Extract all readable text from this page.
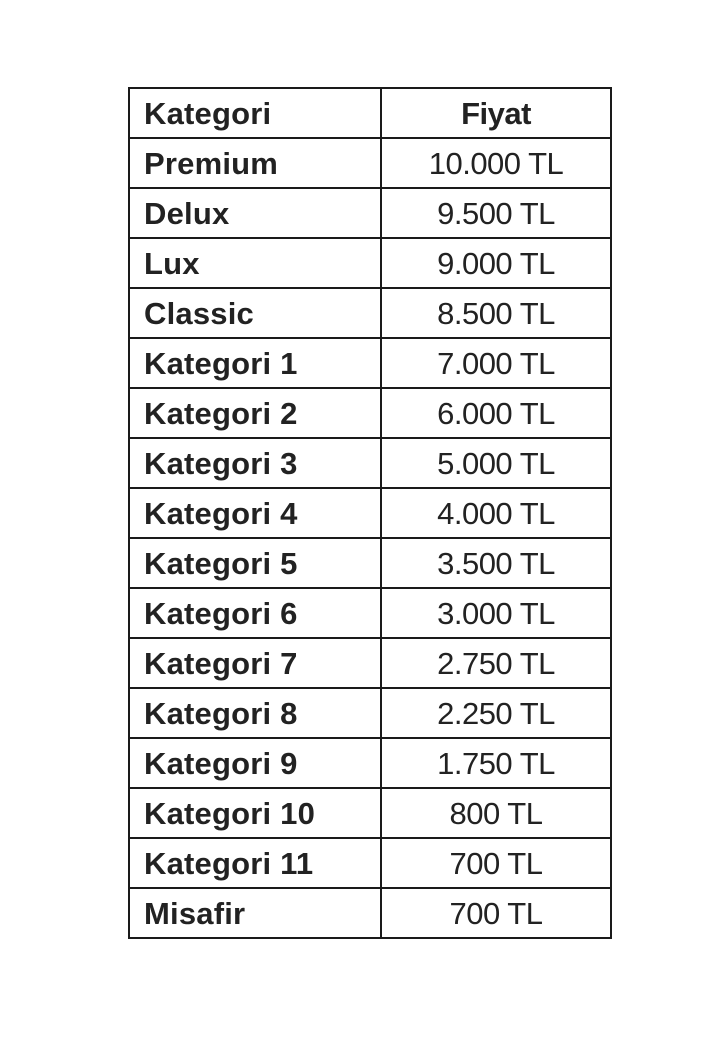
Kategori	Fiyat
Premium	10.000 TL
Delux	9.500 TL
Lux	9.000 TL
Classic	8.500 TL
Kategori 1	7.000 TL
Kategori 2	6.000 TL
Kategori 3	5.000 TL
Kategori 4	4.000 TL
Kategori 5	3.500 TL
Kategori 6	3.000 TL
Kategori 7	2.750 TL
Kategori 8	2.250 TL
Kategori 9	1.750 TL
Kategori 10	800 TL
Kategori 11	700 TL
Misafir	700 TL
